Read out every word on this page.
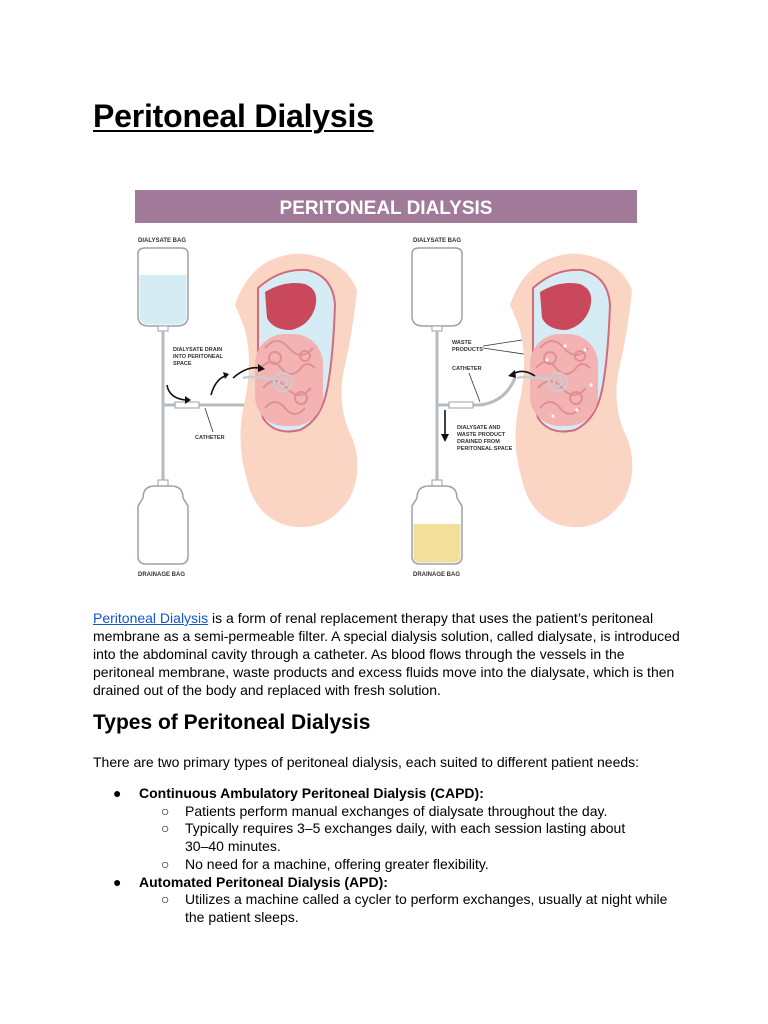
Peritoneal Dialysis
PERITONEAL DIALYSIS
DIALYSATE BAG
DIALYSATE DRAIN
INTO PERITONEAL
SPACE
CATHETER
DRAINAGE BAG
DIALYSATE BAG
WASTE
PRODUCTS
CATHETER
DIALYSATE AND
WASTE PRODUCT
DRAINED FROM
PERITONEAL SPACE
DRAINAGE BAG

Peritoneal Dialysis is a form of renal replacement therapy that uses the patient’s peritoneal membrane as a semi-permeable filter. A special dialysis solution, called dialysate, is introduced into the abdominal cavity through a catheter. As blood flows through the vessels in the peritoneal membrane, waste products and excess fluids move into the dialysate, which is then drained out of the body and replaced with fresh solution.

Types of Peritoneal Dialysis

There are two primary types of peritoneal dialysis, each suited to different patient needs:

● Continuous Ambulatory Peritoneal Dialysis (CAPD):
○ Patients perform manual exchanges of dialysate throughout the day.
○ Typically requires 3–5 exchanges daily, with each session lasting about 30–40 minutes.
○ No need for a machine, offering greater flexibility.
● Automated Peritoneal Dialysis (APD):
○ Utilizes a machine called a cycler to perform exchanges, usually at night while the patient sleeps.
